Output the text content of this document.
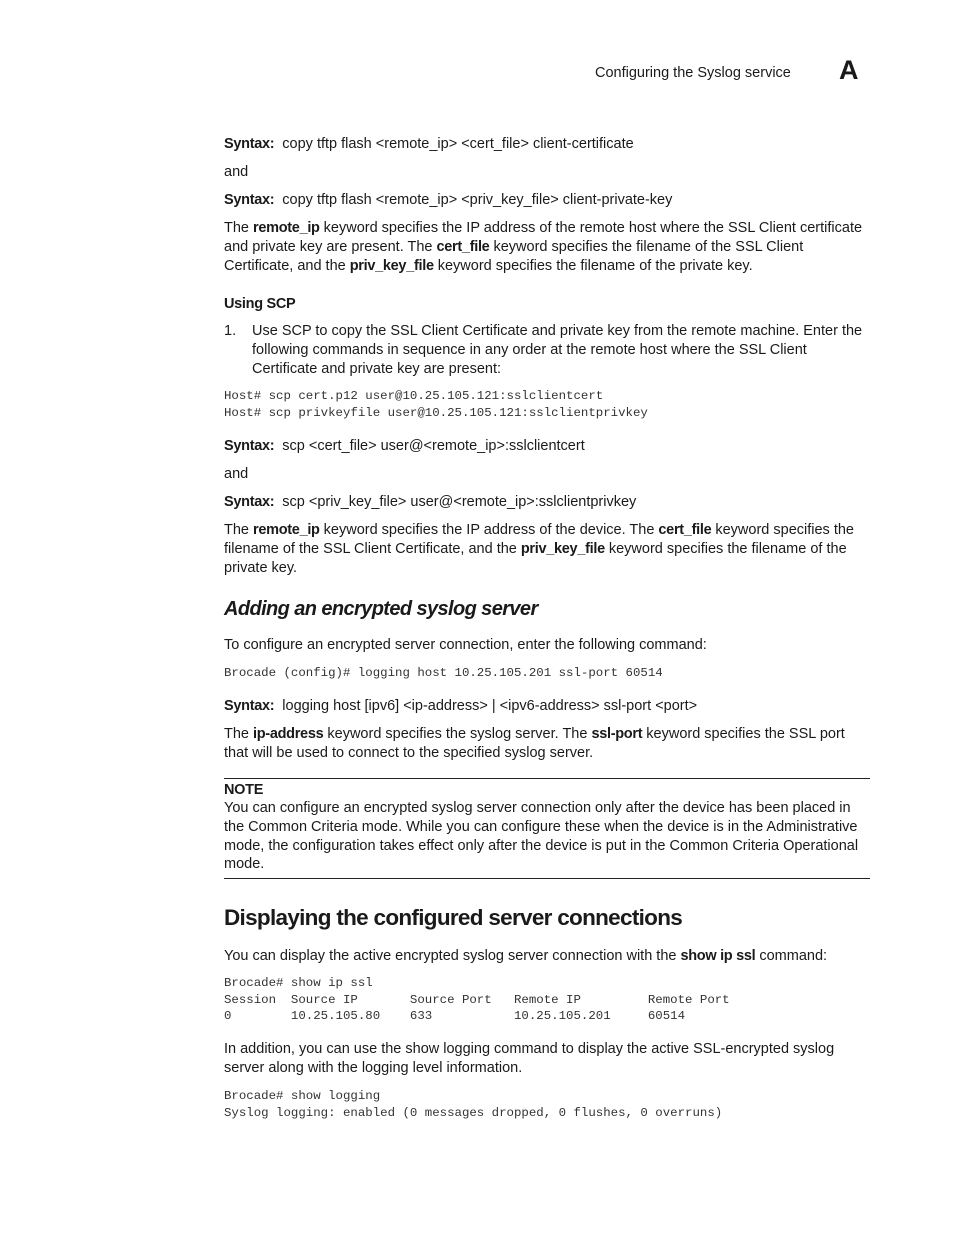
Configuring the Syslog service A

Syntax: copy tftp flash <remote_ip> <cert_file> client-certificate

and

Syntax: copy tftp flash <remote_ip> <priv_key_file> client-private-key

The remote_ip keyword specifies the IP address of the remote host where the SSL Client certificate and private key are present. The cert_file keyword specifies the filename of the SSL Client Certificate, and the priv_key_file keyword specifies the filename of the private key.

Using SCP

1. Use SCP to copy the SSL Client Certificate and private key from the remote machine. Enter the following commands in sequence in any order at the remote host where the SSL Client Certificate and private key are present:
Host# scp cert.p12 user@10.25.105.121:sslclientcert
Host# scp privkeyfile user@10.25.105.121:sslclientprivkey

Syntax: scp <cert_file> user@<remote_ip>:sslclientcert

and

Syntax: scp <priv_key_file> user@<remote_ip>:sslclientprivkey

The remote_ip keyword specifies the IP address of the device. The cert_file keyword specifies the filename of the SSL Client Certificate, and the priv_key_file keyword specifies the filename of the private key.

Adding an encrypted syslog server

To configure an encrypted server connection, enter the following command:

Brocade (config)# logging host 10.25.105.201 ssl-port 60514

Syntax: logging host [ipv6] <ip-address> | <ipv6-address> ssl-port <port>

The ip-address keyword specifies the syslog server. The ssl-port keyword specifies the SSL port that will be used to connect to the specified syslog server.

NOTE

You can configure an encrypted syslog server connection only after the device has been placed in the Common Criteria mode. While you can configure these when the device is in the Administrative mode, the configuration takes effect only after the device is put in the Common Criteria Operational mode.

Displaying the configured server connections

You can display the active encrypted syslog server connection with the show ip ssl command:

Brocade# show ip ssl
Session  Source IP       Source Port   Remote IP         Remote Port
0        10.25.105.80    633           10.25.105.201     60514

In addition, you can use the show logging command to display the active SSL-encrypted syslog server along with the logging level information.

Brocade# show logging
Syslog logging: enabled (0 messages dropped, 0 flushes, 0 overruns)
